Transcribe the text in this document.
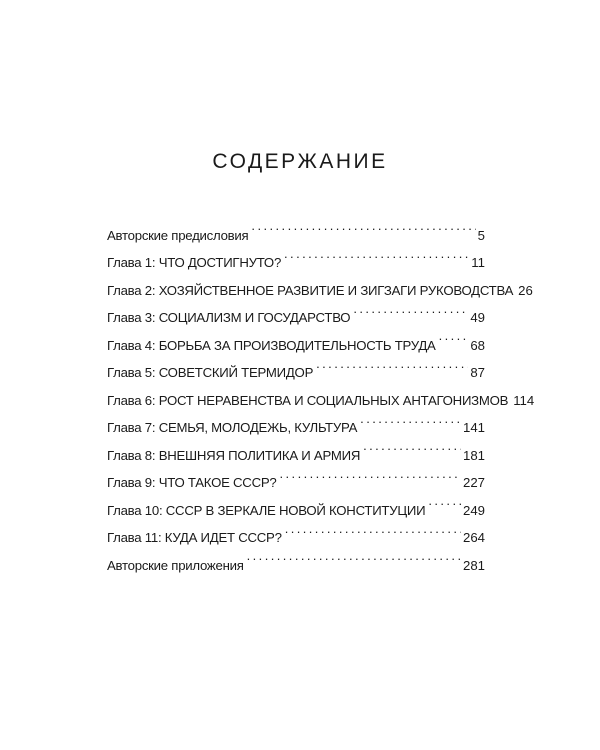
СОДЕРЖАНИЕ
Авторские предисловия . . .	5
Глава 1: ЧТО ДОСТИГНУТО? . . .	11
Глава 2: ХОЗЯЙСТВЕННОЕ РАЗВИТИЕ И ЗИГЗАГИ РУКОВОДСТВА 26
Глава 3: СОЦИАЛИЗМ И ГОСУДАРСТВО . . .	49
Глава 4: БОРЬБА ЗА ПРОИЗВОДИТЕЛЬНОСТЬ ТРУДА . . .	68
Глава 5: СОВЕТСКИЙ ТЕРМИДОР . . .	87
Глава 6: РОСТ НЕРАВЕНСТВА И СОЦИАЛЬНЫХ АНТАГОНИЗМОВ 114
Глава 7: СЕМЬЯ, МОЛОДЕЖЬ, КУЛЬТУРА . . .	141
Глава 8: ВНЕШНЯЯ ПОЛИТИКА И АРМИЯ . . .	181
Глава 9: ЧТО ТАКОЕ СССР? . . .	227
Глава 10: СССР В ЗЕРКАЛЕ НОВОЙ КОНСТИТУЦИИ . . .	249
Глава 11: КУДА ИДЕТ СССР? . . .	264
Авторские приложения . . .	281
